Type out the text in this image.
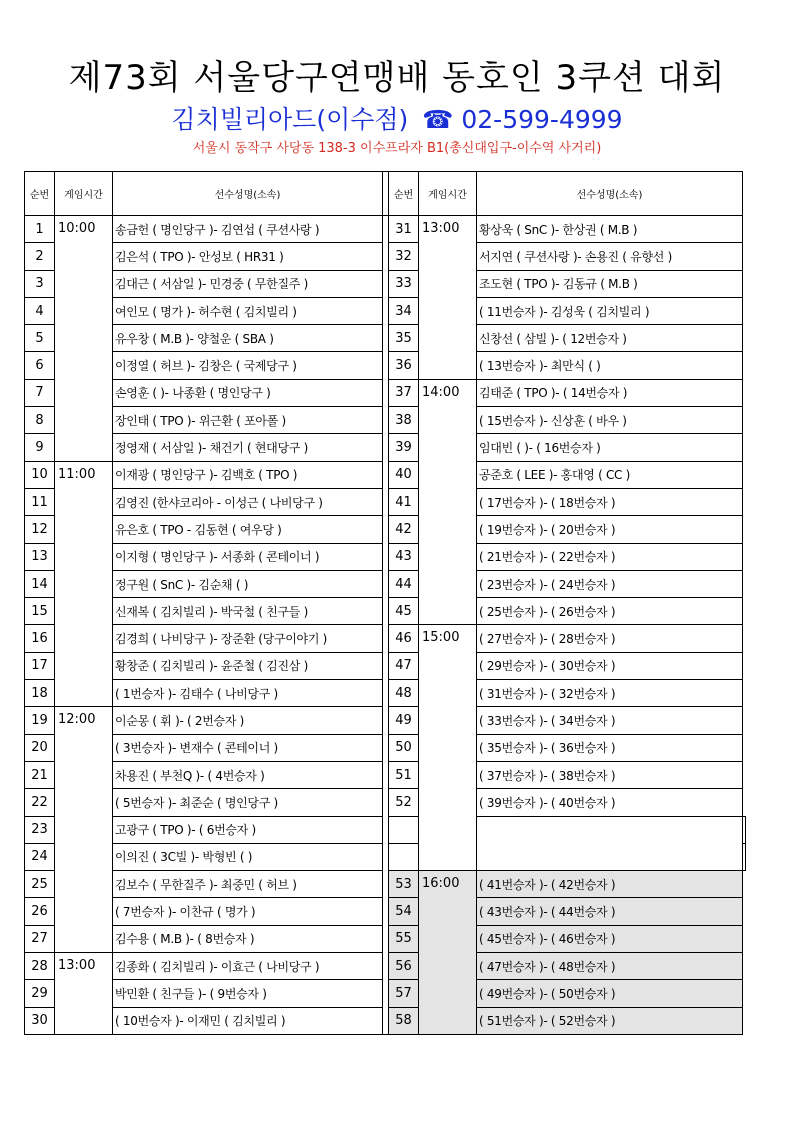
제73회 서울당구연맹배 동호인 3쿠션 대회
김치빌리아드(이수점) ☎ 02-599-4999
서울시 동작구 사당동 138-3 이수프라자 B1(총신대입구-이수역 사거리)
순번	게임시간	선수성명(소속)		순번	게임시간	선수성명(소속)	
1	10:00	송금헌 ( 명인당구 )- 김연섭 ( 쿠션사랑 )		31	13:00	황상욱 ( SnC )- 한상권 ( M.B )	
2		김은석 ( TPO )- 안성보 ( HR31 )		32		서지연 ( 쿠션사랑 )- 손용진 ( 유향선 )	
3		김대근 ( 서삼일 )- 민경중 ( 무한질주 )		33		조도현 ( TPO )- 김동규 ( M.B )	
4		여인모 ( 명가 )- 허수현 ( 김치빌리 )		34		( 11번승자 )- 김성욱 ( 김치빌리 )	
5		유우창 ( M.B )- 양철운 ( SBA )		35		신창선 ( 삼빌 )- ( 12번승자 )	
6		이정열 ( 허브 )- 김창은 ( 국제당구 )		36		( 13번승자 )- 최만식 ( )	
7		손영훈 ( )- 나종환 ( 명인당구 )		37	14:00	김태준 ( TPO )- ( 14번승자 )	
8		장인태 ( TPO )- 위근환 ( 포아폴 )		38		( 15번승자 )- 신상훈 ( 바우 )	
9		정영재 ( 서삼일 )- 채건기 ( 현대당구 )		39		임대빈 ( )- ( 16번승자 )	
10	11:00	이재광 ( 명인당구 )- 김백호 ( TPO )		40		공준호 ( LEE )- 홍대영 ( CC )	
11		김영진 (한샤코리아 - 이성근 ( 나비당구 )		41		( 17번승자 )- ( 18번승자 )	
12		유은호 ( TPO - 김동현 ( 여우당 )		42		( 19번승자 )- ( 20번승자 )	
13		이지형 ( 명인당구 )- 서종화 ( 콘테이너 )		43		( 21번승자 )- ( 22번승자 )	
14		정구원 ( SnC )- 김순채 ( )		44		( 23번승자 )- ( 24번승자 )	
15		신재복 ( 김치빌리 )- 박국철 ( 친구들 )		45		( 25번승자 )- ( 26번승자 )	
16		김경희 ( 나비당구 )- 장준환 (당구이야기 )		46	15:00	( 27번승자 )- ( 28번승자 )	
17		황창준 ( 김치빌리 )- 윤준철 ( 김진삼 )		47		( 29번승자 )- ( 30번승자 )	
18		( 1번승자 )- 김태수 ( 나비당구 )		48		( 31번승자 )- ( 32번승자 )	
19	12:00	이순몽 ( 휘 )- ( 2번승자 )		49		( 33번승자 )- ( 34번승자 )	
20		( 3번승자 )- 변재수 ( 콘테이너 )		50		( 35번승자 )- ( 36번승자 )	
21		차용진 ( 부천Q )- ( 4번승자 )		51		( 37번승자 )- ( 38번승자 )	
22		( 5번승자 )- 최준순 ( 명인당구 )		52		( 39번승자 )- ( 40번승자 )	
23		고광구 ( TPO )- ( 6번승자 )					
24		이의진 ( 3C빌 )- 박형빈 ( )					
25		김보수 ( 무한질주 )- 최중민 ( 허브 )		53	16:00	( 41번승자 )- ( 42번승자 )	
26		( 7번승자 )- 이찬규 ( 명가 )		54		( 43번승자 )- ( 44번승자 )	
27		김수용 ( M.B )- ( 8번승자 )		55		( 45번승자 )- ( 46번승자 )	
28	13:00	김종화 ( 김치빌리 )- 이효근 ( 나비당구 )		56		( 47번승자 )- ( 48번승자 )	
29		박민환 ( 친구들 )- ( 9번승자 )		57		( 49번승자 )- ( 50번승자 )	
30		( 10번승자 )- 이재민 ( 김치빌리 )		58		( 51번승자 )- ( 52번승자 )	
